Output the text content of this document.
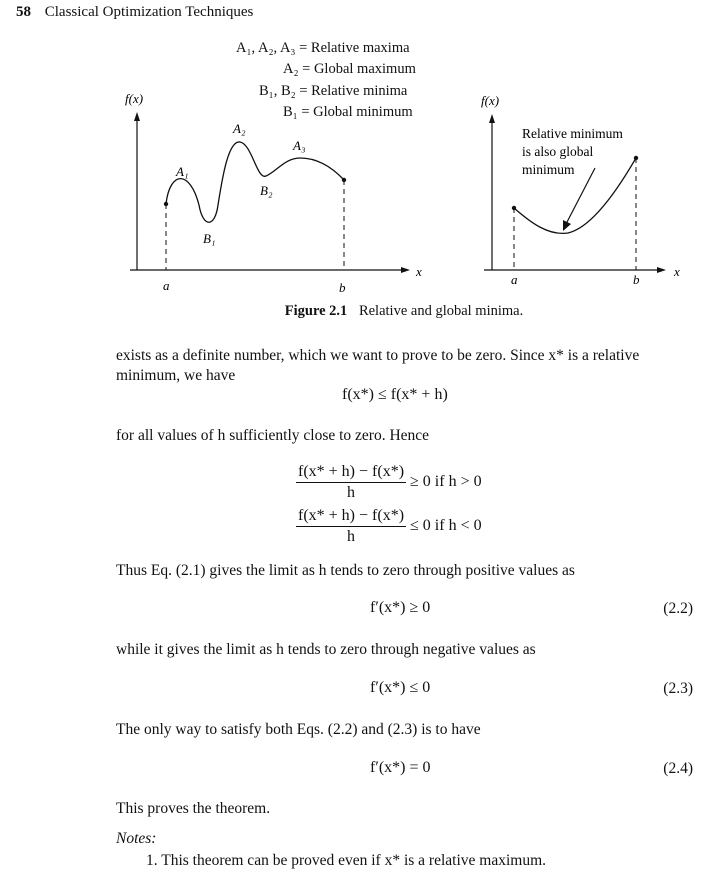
58 Classical Optimization Techniques
A₁, A₂, A₃ = Relative maxima
A₂ = Global maximum
B₁, B₂ = Relative minima
B₁ = Global minimum
f(x)
x
A₁
A₂
A₃
B₁
B₂
a	b
f(x)
x
Relative minimum
is also global
minimum
a	b
Figure 2.1 Relative and global minima.
exists as a definite number, which we want to prove to be zero. Since x* is a relative
minimum, we have
f(x*) ≤ f(x* + h)
for all values of h sufficiently close to zero. Hence
$\frac{f(x* + h) - f(x*)}{h} \ge 0$ if h > 0
$\frac{f(x* + h) - f(x*)}{h} \le 0$ if h < 0
Thus Eq. (2.1) gives the limit as h tends to zero through positive values as
f′(x*) ≥ 0	(2.2)
while it gives the limit as h tends to zero through negative values as
f′(x*) ≤ 0	(2.3)
The only way to satisfy both Eqs. (2.2) and (2.3) is to have
f′(x*) = 0	(2.4)
This proves the theorem.
Notes:
1. This theorem can be proved even if x* is a relative maximum.
